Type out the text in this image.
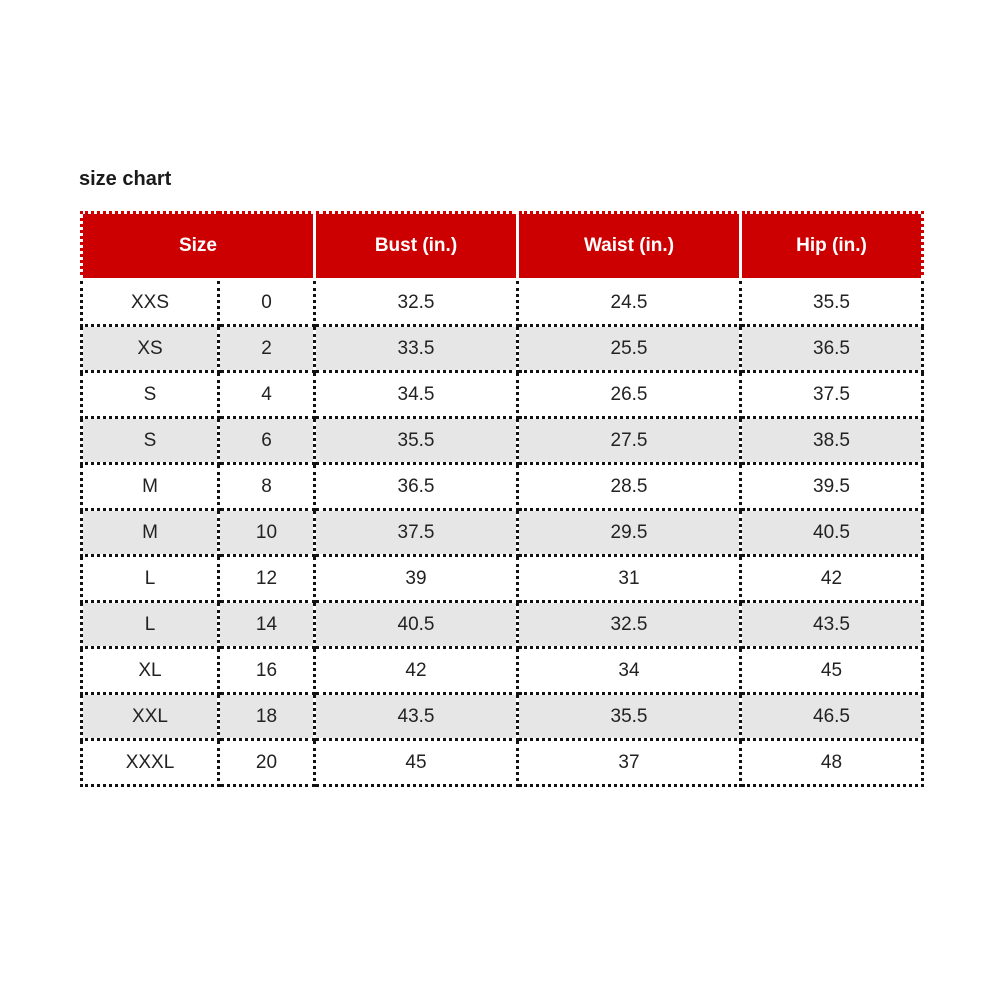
size chart
Size		Bust (in.)	Waist (in.)	Hip (in.)
XXS	0	32.5	24.5	35.5
XS	2	33.5	25.5	36.5
S	4	34.5	26.5	37.5
S	6	35.5	27.5	38.5
M	8	36.5	28.5	39.5
M	10	37.5	29.5	40.5
L	12	39	31	42
L	14	40.5	32.5	43.5
XL	16	42	34	45
XXL	18	43.5	35.5	46.5
XXXL	20	45	37	48
